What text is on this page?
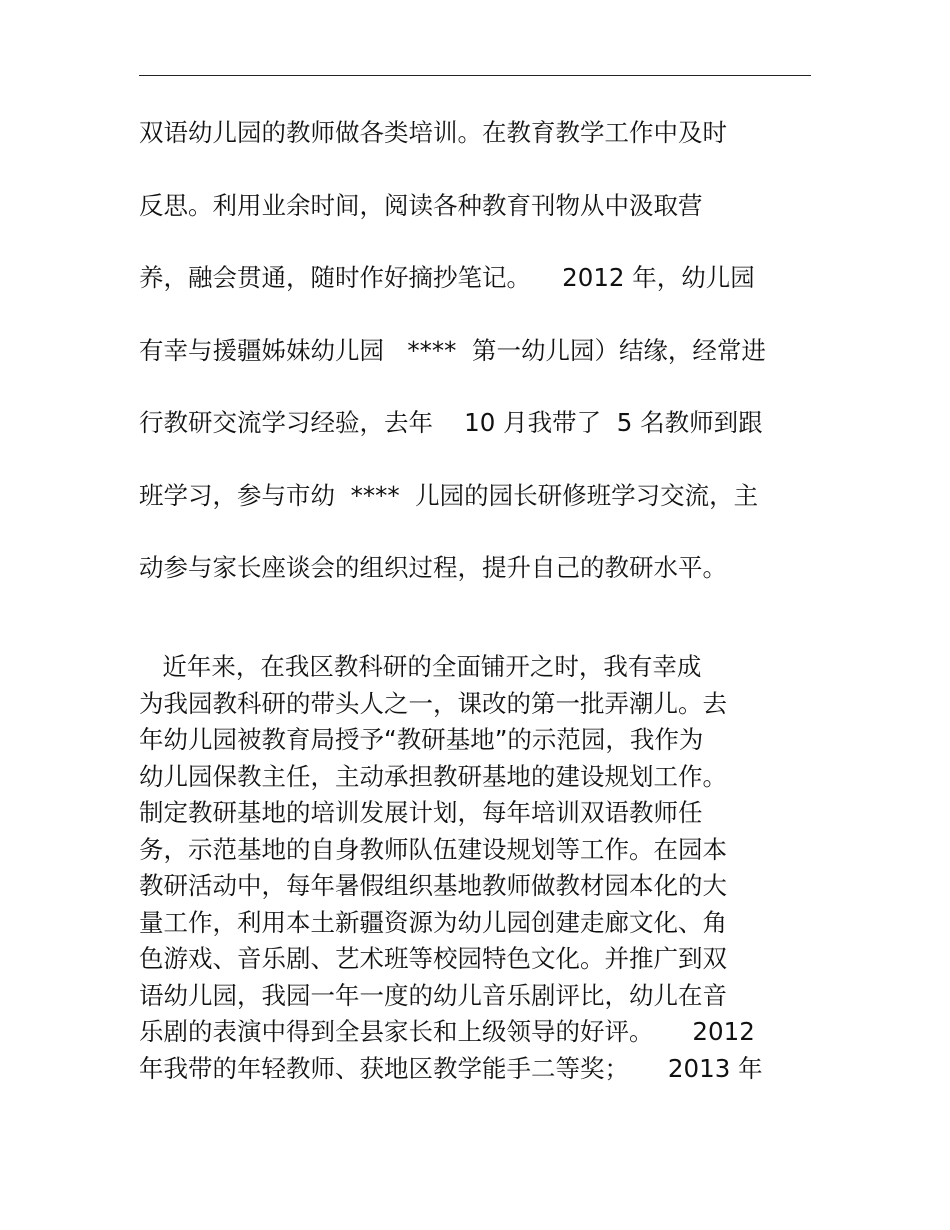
双语幼儿园的教师做各类培训。在教育教学工作中及时
反思。利用业余时间，阅读各种教育刊物从中汲取营
养，融会贯通，随时作好摘抄笔记。    2012 年，幼儿园
有幸与援疆姊妹幼儿园   ****  第一幼儿园）结缘，经常进
行教研交流学习经验，去年    10 月我带了  5 名教师到跟
班学习，参与市幼  ****  儿园的园长研修班学习交流，主
动参与家长座谈会的组织过程，提升自己的教研水平。
近年来，在我区教科研的全面铺开之时，我有幸成
为我园教科研的带头人之一，课改的第一批弄潮儿。去
年幼儿园被教育局授予“教研基地”的示范园，我作为
幼儿园保教主任，主动承担教研基地的建设规划工作。
制定教研基地的培训发展计划，每年培训双语教师任
务，示范基地的自身教师队伍建设规划等工作。在园本
教研活动中，每年暑假组织基地教师做教材园本化的大
量工作，利用本土新疆资源为幼儿园创建走廊文化、角
色游戏、音乐剧、艺术班等校园特色文化。并推广到双
语幼儿园，我园一年一度的幼儿音乐剧评比，幼儿在音
乐剧的表演中得到全县家长和上级领导的好评。     2012
年我带的年轻教师、获地区教学能手二等奖；     2013 年
